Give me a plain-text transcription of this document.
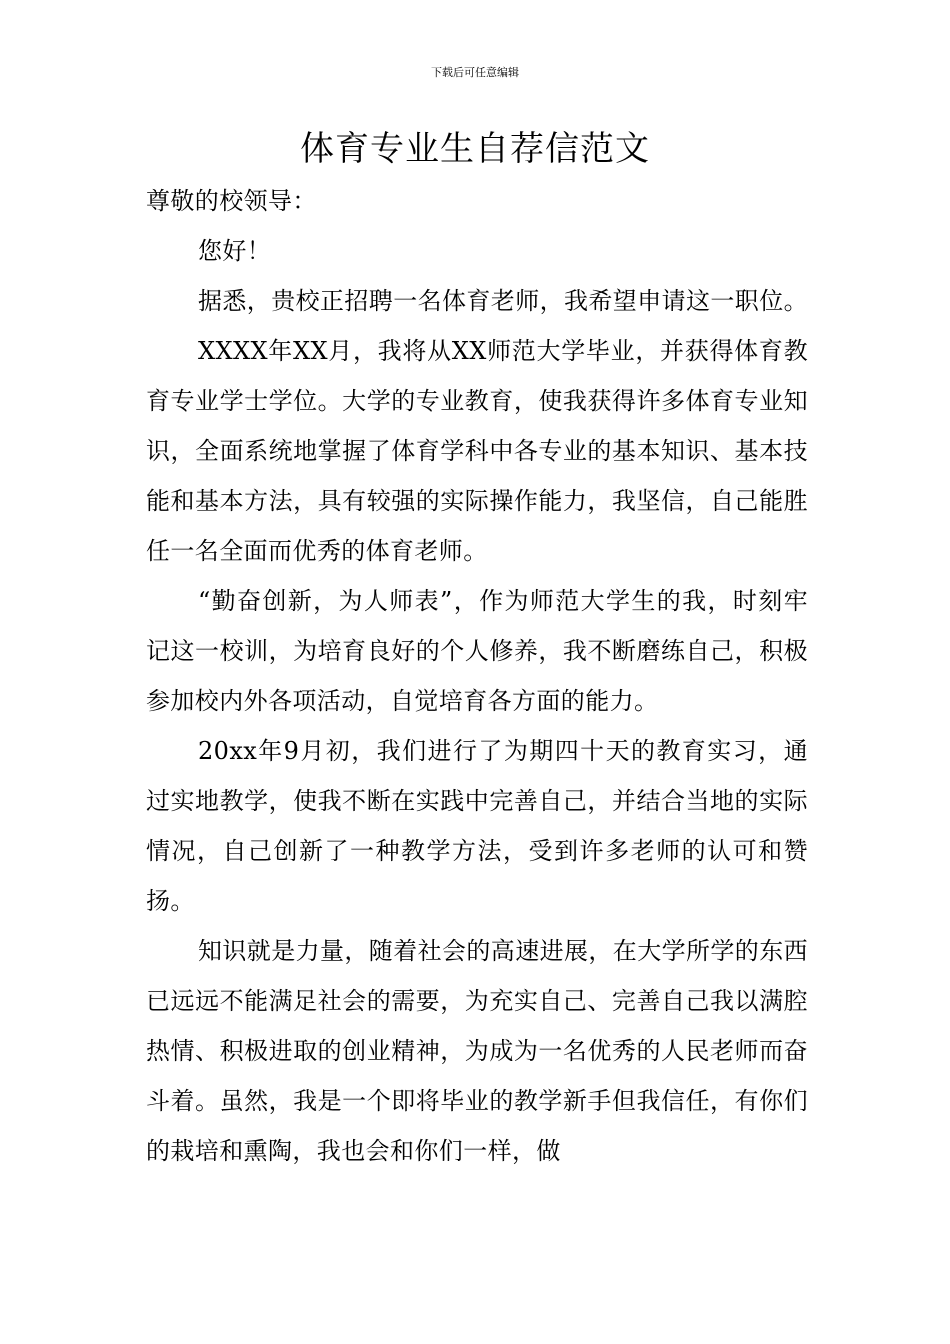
下载后可任意编辑
体育专业生自荐信范文

尊敬的校领导：

您好！

据悉，贵校正招聘一名体育老师，我希望申请这一职位。

XXXX年XX月，我将从XX师范大学毕业，并获得体育教育专业学士学位。大学的专业教育，使我获得许多体育专业知识，全面系统地掌握了体育学科中各专业的基本知识、基本技能和基本方法，具有较强的实际操作能力，我坚信，自己能胜任一名全面而优秀的体育老师。

“勤奋创新，为人师表”，作为师范大学生的我，时刻牢记这一校训，为培育良好的个人修养，我不断磨练自己，积极参加校内外各项活动，自觉培育各方面的能力。

20xx年9月初，我们进行了为期四十天的教育实习，通过实地教学，使我不断在实践中完善自己，并结合当地的实际情况，自己创新了一种教学方法，受到许多老师的认可和赞扬。

知识就是力量，随着社会的高速进展，在大学所学的东西已远远不能满足社会的需要，为充实自己、完善自己我以满腔热情、积极进取的创业精神，为成为一名优秀的人民老师而奋斗着。虽然，我是一个即将毕业的教学新手但我信任，有你们的栽培和熏陶，我也会和你们一样，做
